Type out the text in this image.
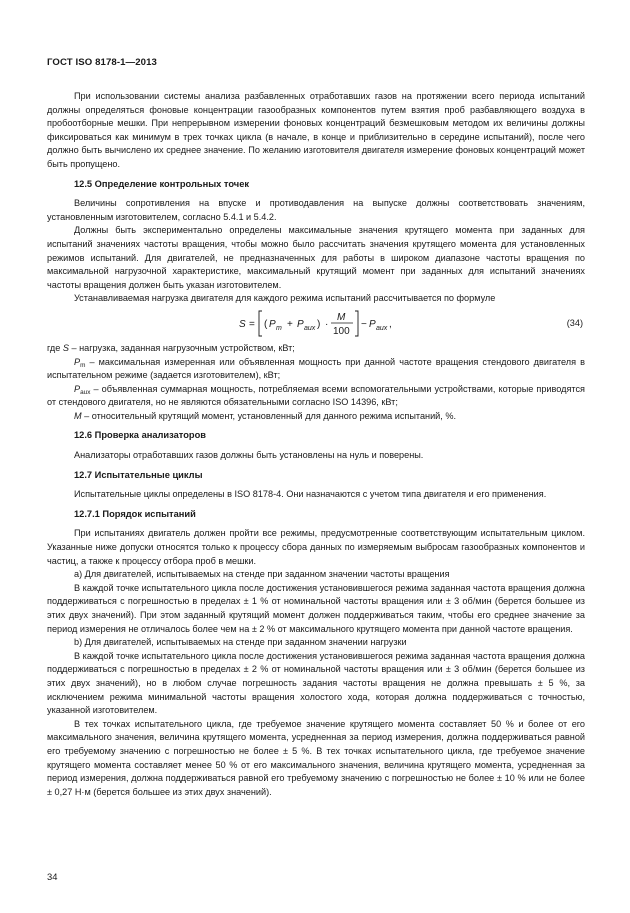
ГОСТ ISO 8178-1—2013

При использовании системы анализа разбавленных отработавших газов на протяжении всего периода испытаний должны определяться фоновые концентрации газообразных компонентов путем взятия проб разбавляющего воздуха в пробоотборные мешки. При непрерывном измерении фоновых концентраций безмешковым методом их величины должны фиксироваться как минимум в трех точках цикла (в начале, в конце и приблизительно в середине испытаний), после чего должно быть вычислено их среднее значение. По желанию изготовителя двигателя измерение фоновых концентраций может быть пропущено.

12.5 Определение контрольных точек

Величины сопротивления на впуске и противодавления на выпуске должны соответствовать значениям, установленным изготовителем, согласно 5.4.1 и 5.4.2.

Должны быть экспериментально определены максимальные значения крутящего момента при заданных для испытаний значениях частоты вращения, чтобы можно было рассчитать значения крутящего момента для установленных режимов испытаний. Для двигателей, не предназначенных для работы в широком диапазоне частоты вращения по максимальной нагрузочной характеристике, максимальный крутящий момент при заданных для испытаний значениях частоты вращения должен быть указан изготовителем.

Устанавливаемая нагрузка двигателя для каждого режима испытаний рассчитывается по формуле

S = ( P m + P aux ) ·
M
100
− P aux ,	(34)

где S – нагрузка, заданная нагрузочным устройством, кВт;

$P_m$ – максимальная измеренная или объявленная мощность при данной частоте вращения стендового двигателя в испытательном режиме (задается изготовителем), кВт;

$P_{aux}$ – объявленная суммарная мощность, потребляемая всеми вспомогательными устройствами, которые приводятся от стендового двигателя, но не являются обязательными согласно ISO 14396, кВт;

M – относительный крутящий момент, установленный для данного режима испытаний, %.

12.6 Проверка анализаторов

Анализаторы отработавших газов должны быть установлены на нуль и поверены.

12.7 Испытательные циклы

Испытательные циклы определены в ISO 8178-4. Они назначаются с учетом типа двигателя и его применения.

12.7.1 Порядок испытаний

При испытаниях двигатель должен пройти все режимы, предусмотренные соответствующим испытательным циклом. Указанные ниже допуски относятся только к процессу сбора данных по измеряемым выбросам газообразных компонентов и частиц, а также к процессу отбора проб в мешки.

а) Для двигателей, испытываемых на стенде при заданном значении частоты вращения

В каждой точке испытательного цикла после достижения установившегося режима заданная частота вращения должна поддерживаться с погрешностью в пределах ± 1 % от номинальной частоты вращения или ± 3 об/мин (берется большее из этих двух значений). При этом заданный крутящий момент должен поддерживаться таким, чтобы его среднее значение за период измерения не отличалось более чем на ± 2 % от максимального крутящего момента при данной частоте вращения.

b) Для двигателей, испытываемых на стенде при заданном значении нагрузки

В каждой точке испытательного цикла после достижения установившегося режима заданная частота вращения должна поддерживаться с погрешностью в пределах ± 2 % от номинальной частоты вращения или ± 3 об/мин (берется большее из этих двух значений), но в любом случае погрешность задания частоты вращения не должна превышать ± 5 %, за исключением режима минимальной частоты вращения холостого хода, которая должна поддерживаться с точностью, указанной изготовителем.

В тех точках испытательного цикла, где требуемое значение крутящего момента составляет 50 % и более от его максимального значения, величина крутящего момента, усредненная за период измерения, должна поддерживаться равной его требуемому значению с погрешностью не более ± 5 %. В тех точках испытательного цикла, где требуемое значение крутящего момента составляет менее 50 % от его максимального значения, величина крутящего момента, усредненная за период измерения, должна поддерживаться равной его требуемому значению с погрешностью не более ± 10 % или не более ± 0,27 Н·м (берется большее из этих двух значений).

34
